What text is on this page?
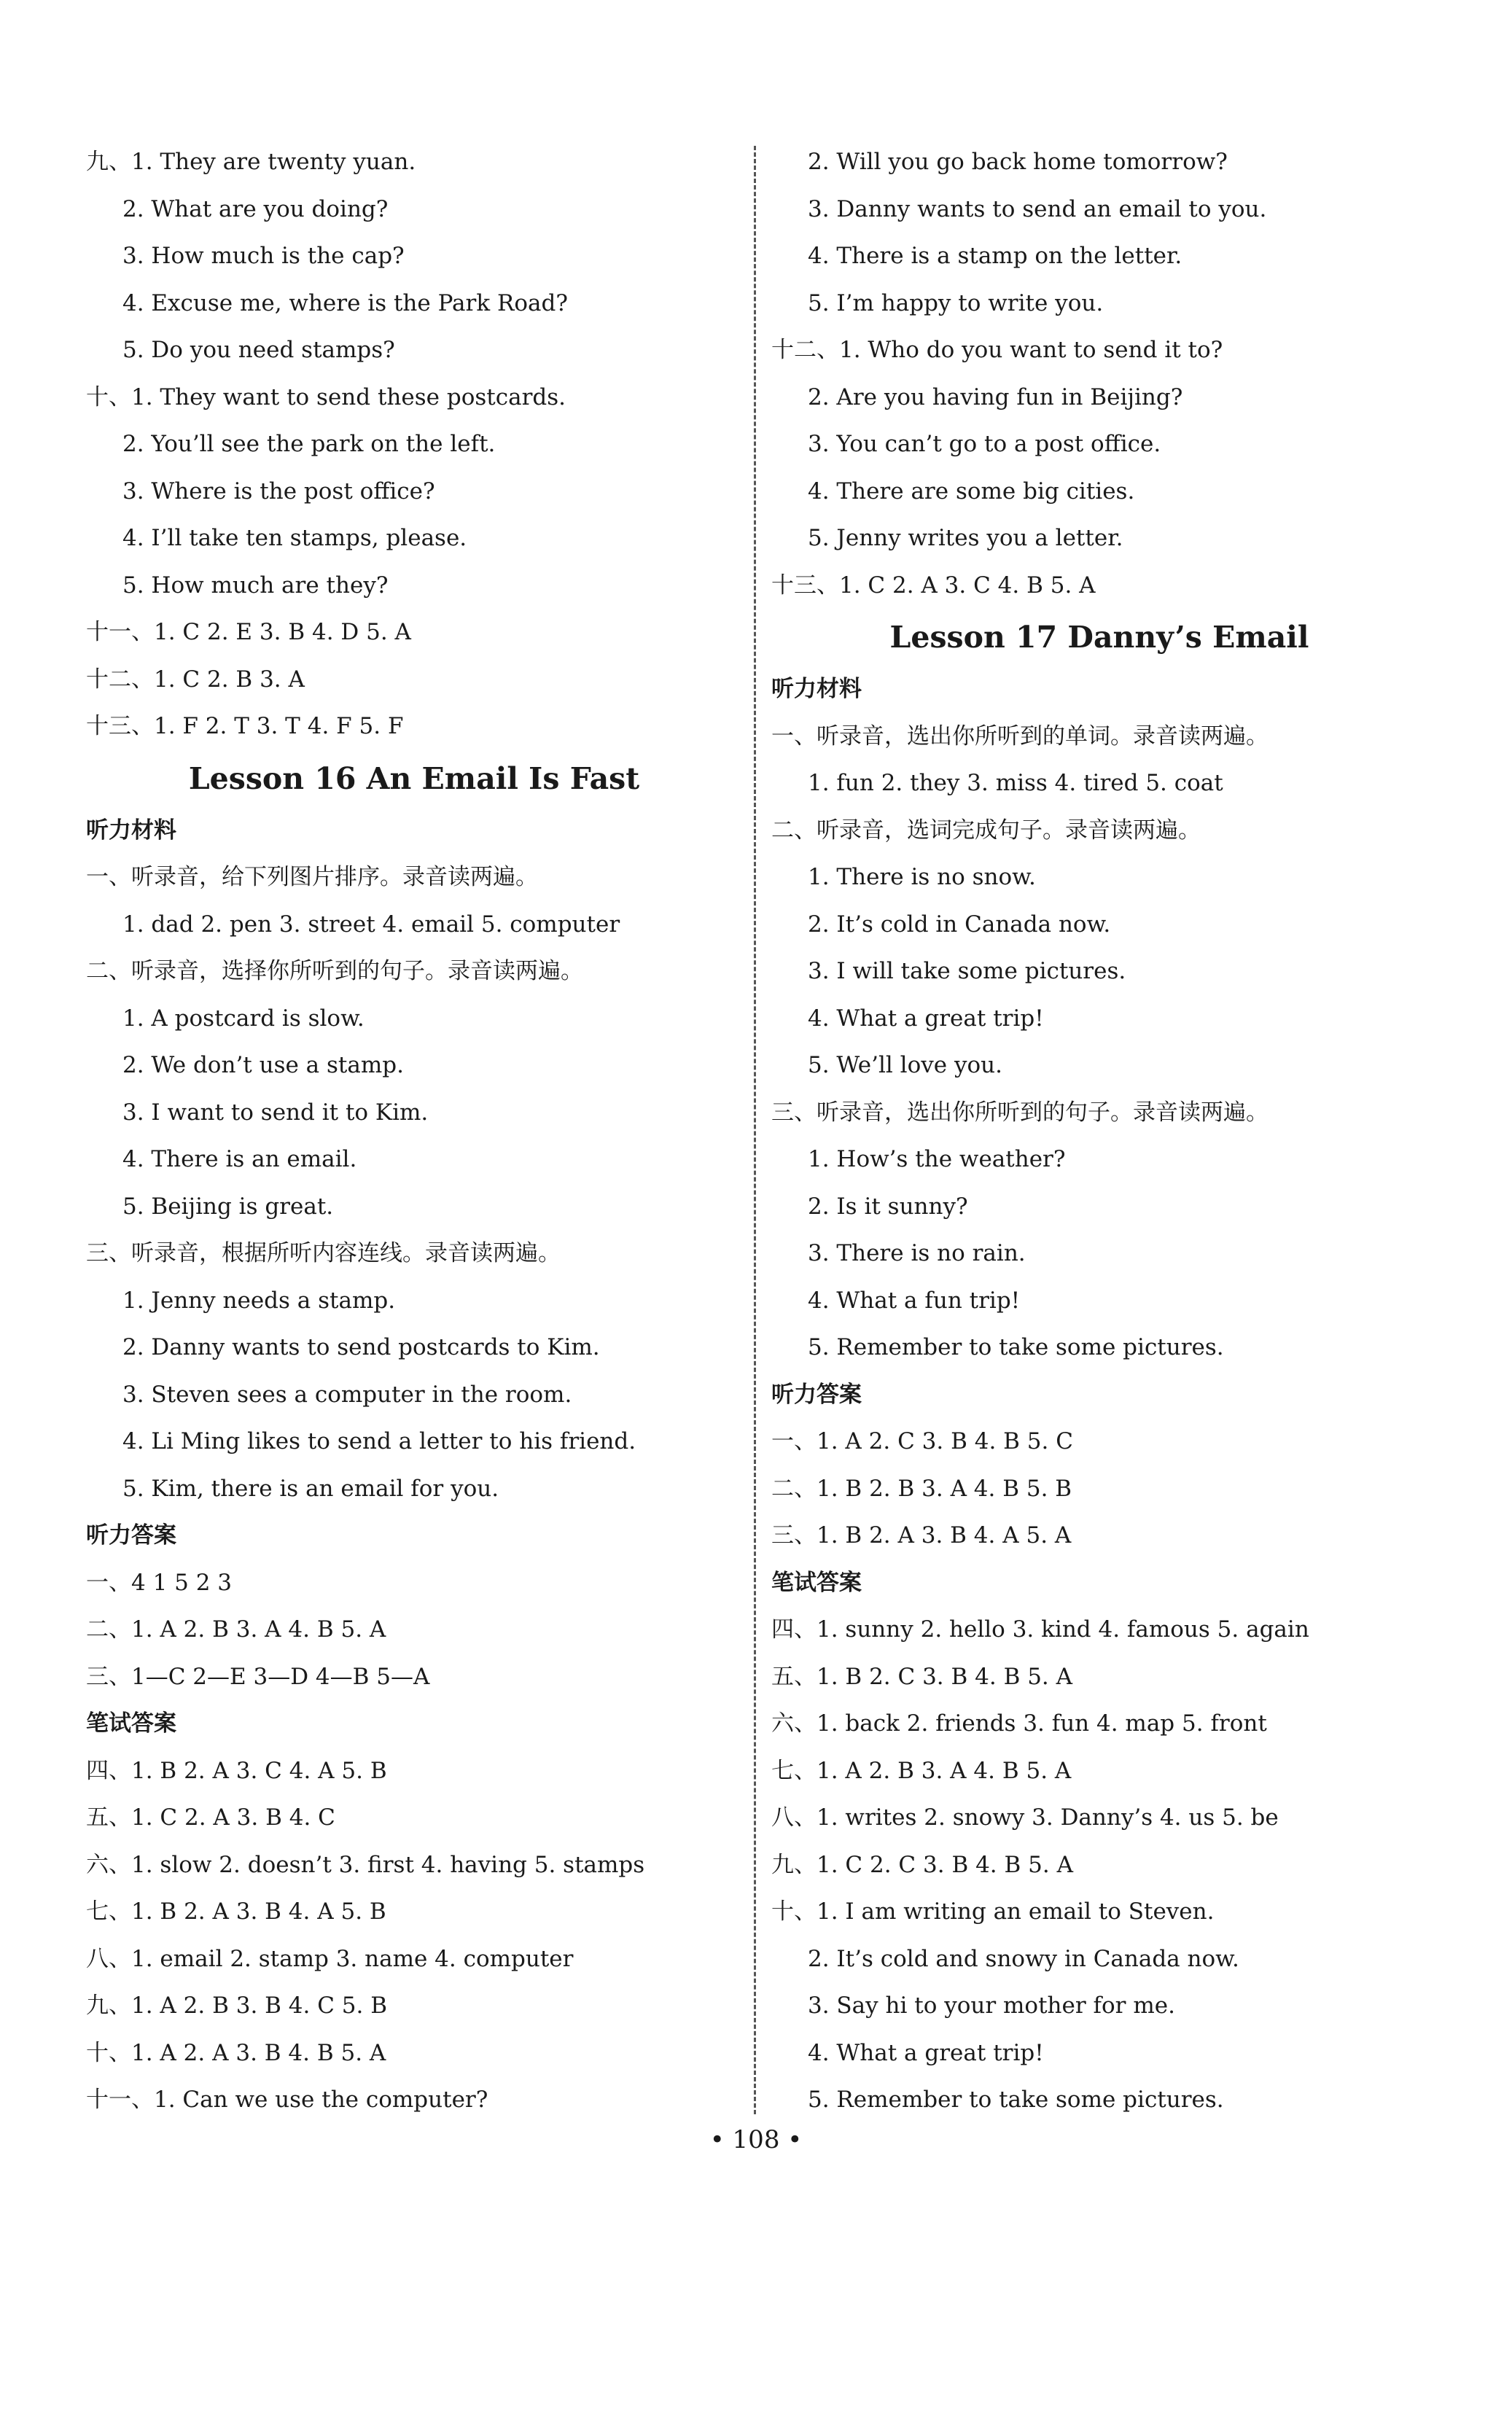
九、1. They are twenty yuan.
2. What are you doing?
3. How much is the cap?
4. Excuse me, where is the Park Road?
5. Do you need stamps?
十、1. They want to send these postcards.
2. You’ll see the park on the left.
3. Where is the post office?
4. I’ll take ten stamps, please.
5. How much are they?
十一、1. C 2. E 3. B 4. D 5. A
十二、1. C 2. B 3. A
十三、1. F 2. T 3. T 4. F 5. F
Lesson 16 An Email Is Fast
听力材料
一、听录音，给下列图片排序。录音读两遍。
1. dad 2. pen 3. street 4. email 5. computer
二、听录音，选择你所听到的句子。录音读两遍。
1. A postcard is slow.
2. We don’t use a stamp.
3. I want to send it to Kim.
4. There is an email.
5. Beijing is great.
三、听录音，根据所听内容连线。录音读两遍。
1. Jenny needs a stamp.
2. Danny wants to send postcards to Kim.
3. Steven sees a computer in the room.
4. Li Ming likes to send a letter to his friend.
5. Kim, there is an email for you.
听力答案
一、4 1 5 2 3
二、1. A 2. B 3. A 4. B 5. A
三、1—C 2—E 3—D 4—B 5—A
笔试答案
四、1. B 2. A 3. C 4. A 5. B
五、1. C 2. A 3. B 4. C
六、1. slow 2. doesn’t 3. first 4. having 5. stamps
七、1. B 2. A 3. B 4. A 5. B
八、1. email 2. stamp 3. name 4. computer
九、1. A 2. B 3. B 4. C 5. B
十、1. A 2. A 3. B 4. B 5. A
十一、1. Can we use the computer?
2. Will you go back home tomorrow?
3. Danny wants to send an email to you.
4. There is a stamp on the letter.
5. I’m happy to write you.
十二、1. Who do you want to send it to?
2. Are you having fun in Beijing?
3. You can’t go to a post office.
4. There are some big cities.
5. Jenny writes you a letter.
十三、1. C 2. A 3. C 4. B 5. A
Lesson 17 Danny’s Email
听力材料
一、听录音，选出你所听到的单词。录音读两遍。
1. fun 2. they 3. miss 4. tired 5. coat
二、听录音，选词完成句子。录音读两遍。
1. There is no snow.
2. It’s cold in Canada now.
3. I will take some pictures.
4. What a great trip!
5. We’ll love you.
三、听录音，选出你所听到的句子。录音读两遍。
1. How’s the weather?
2. Is it sunny?
3. There is no rain.
4. What a fun trip!
5. Remember to take some pictures.
听力答案
一、1. A 2. C 3. B 4. B 5. C
二、1. B 2. B 3. A 4. B 5. B
三、1. B 2. A 3. B 4. A 5. A
笔试答案
四、1. sunny 2. hello 3. kind 4. famous 5. again
五、1. B 2. C 3. B 4. B 5. A
六、1. back 2. friends 3. fun 4. map 5. front
七、1. A 2. B 3. A 4. B 5. A
八、1. writes 2. snowy 3. Danny’s 4. us 5. be
九、1. C 2. C 3. B 4. B 5. A
十、1. I am writing an email to Steven.
2. It’s cold and snowy in Canada now.
3. Say hi to your mother for me.
4. What a great trip!
5. Remember to take some pictures.
• 108 •
